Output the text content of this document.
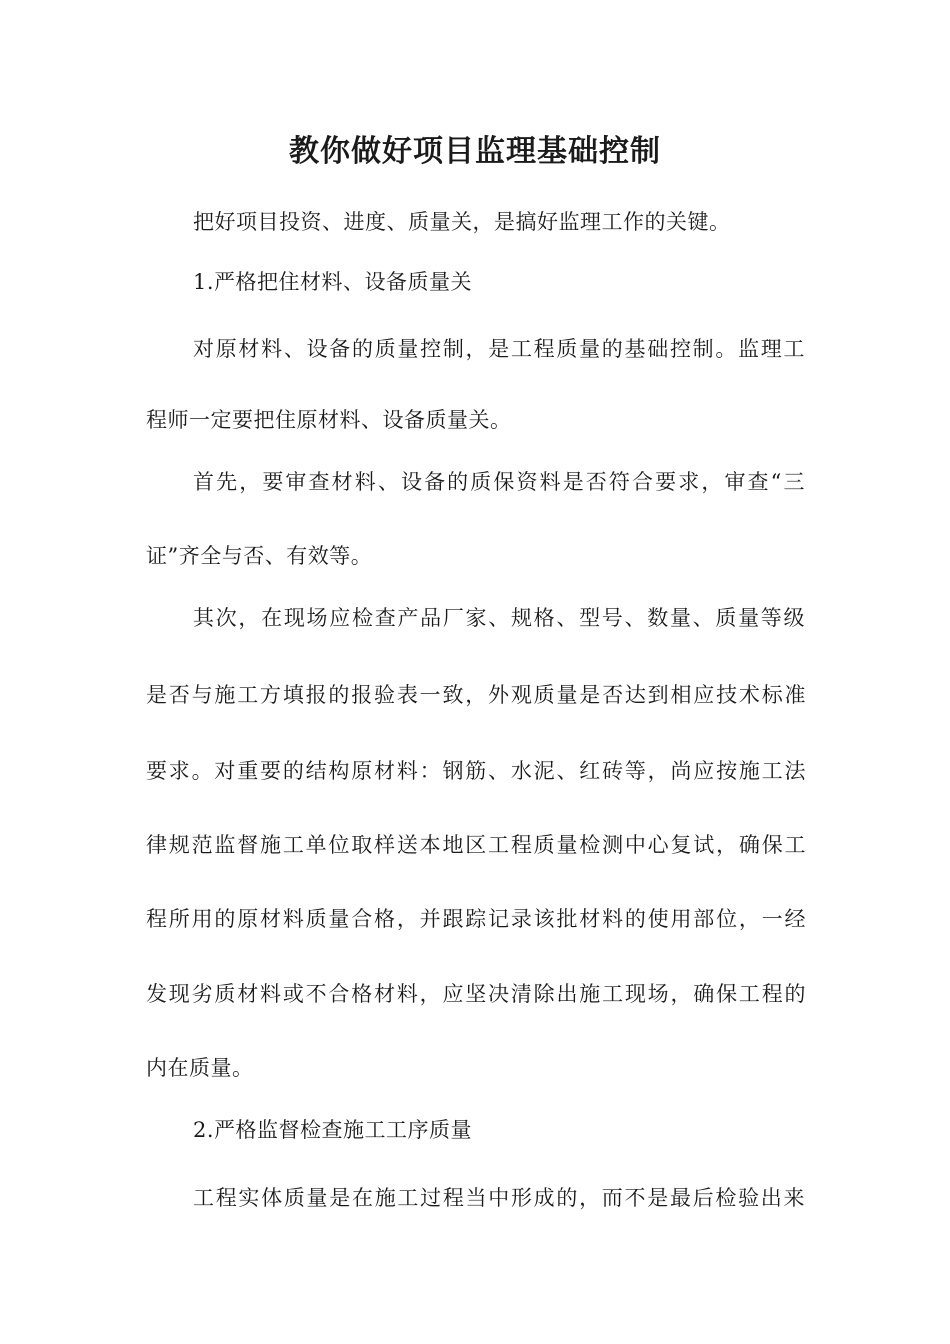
教你做好项目监理基础控制

把好项目投资、进度、质量关，是搞好监理工作的关键。

1.严格把住材料、设备质量关

对原材料、设备的质量控制，是工程质量的基础控制。监理工

程师一定要把住原材料、设备质量关。

首先，要审查材料、设备的质保资料是否符合要求，审查“三

证”齐全与否、有效等。

其次，在现场应检查产品厂家、规格、型号、数量、质量等级

是否与施工方填报的报验表一致，外观质量是否达到相应技术标准

要求。对重要的结构原材料：钢筋、水泥、红砖等，尚应按施工法

律规范监督施工单位取样送本地区工程质量检测中心复试，确保工

程所用的原材料质量合格，并跟踪记录该批材料的使用部位，一经

发现劣质材料或不合格材料，应坚决清除出施工现场，确保工程的

内在质量。

2.严格监督检查施工工序质量

工程实体质量是在施工过程当中形成的，而不是最后检验出来
